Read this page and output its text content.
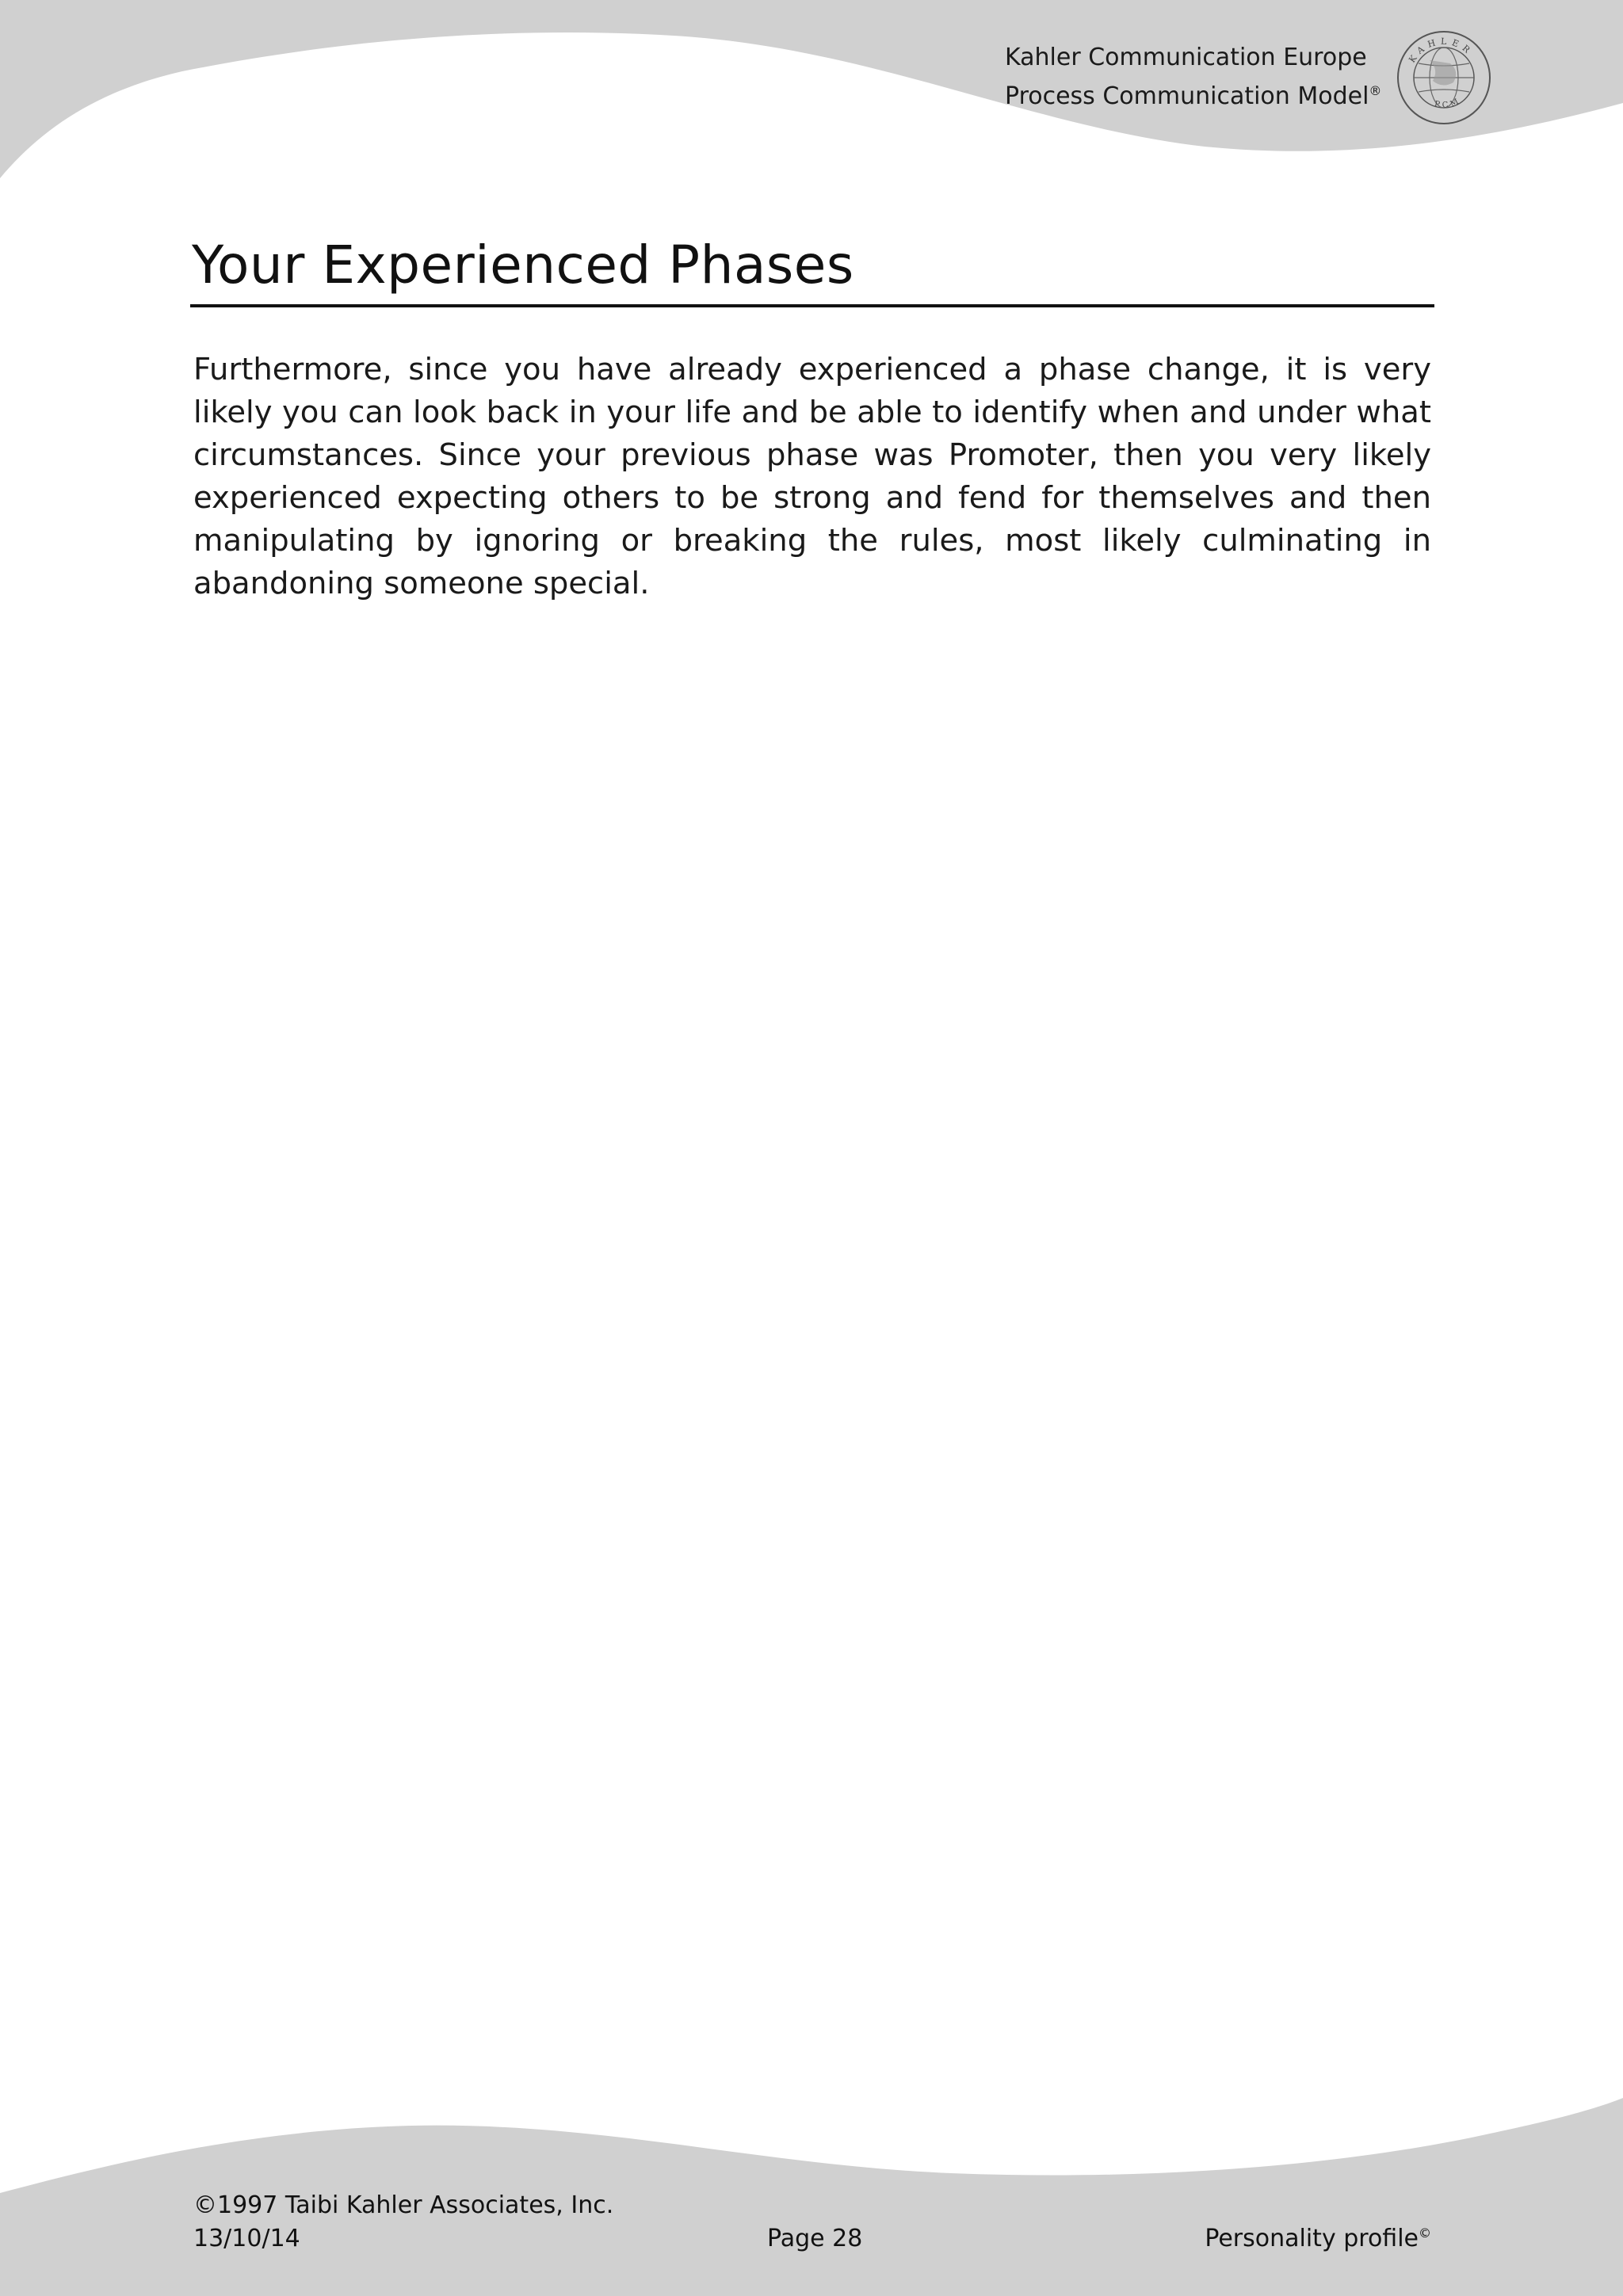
Kahler Communication Europe
Process Communication Model®
KAHLER
PCM
Your Experienced Phases

Furthermore, since you have already experienced a phase change, it is very likely you can look back in your life and be able to identify when and under what circumstances. Since your previous phase was Promoter, then you very likely experienced expecting others to be strong and fend for themselves and then manipulating by ignoring or breaking the rules, most likely culminating in abandoning someone special.

©1997 Taibi Kahler Associates, Inc.
13/10/14	Page 28	Personality profile©
